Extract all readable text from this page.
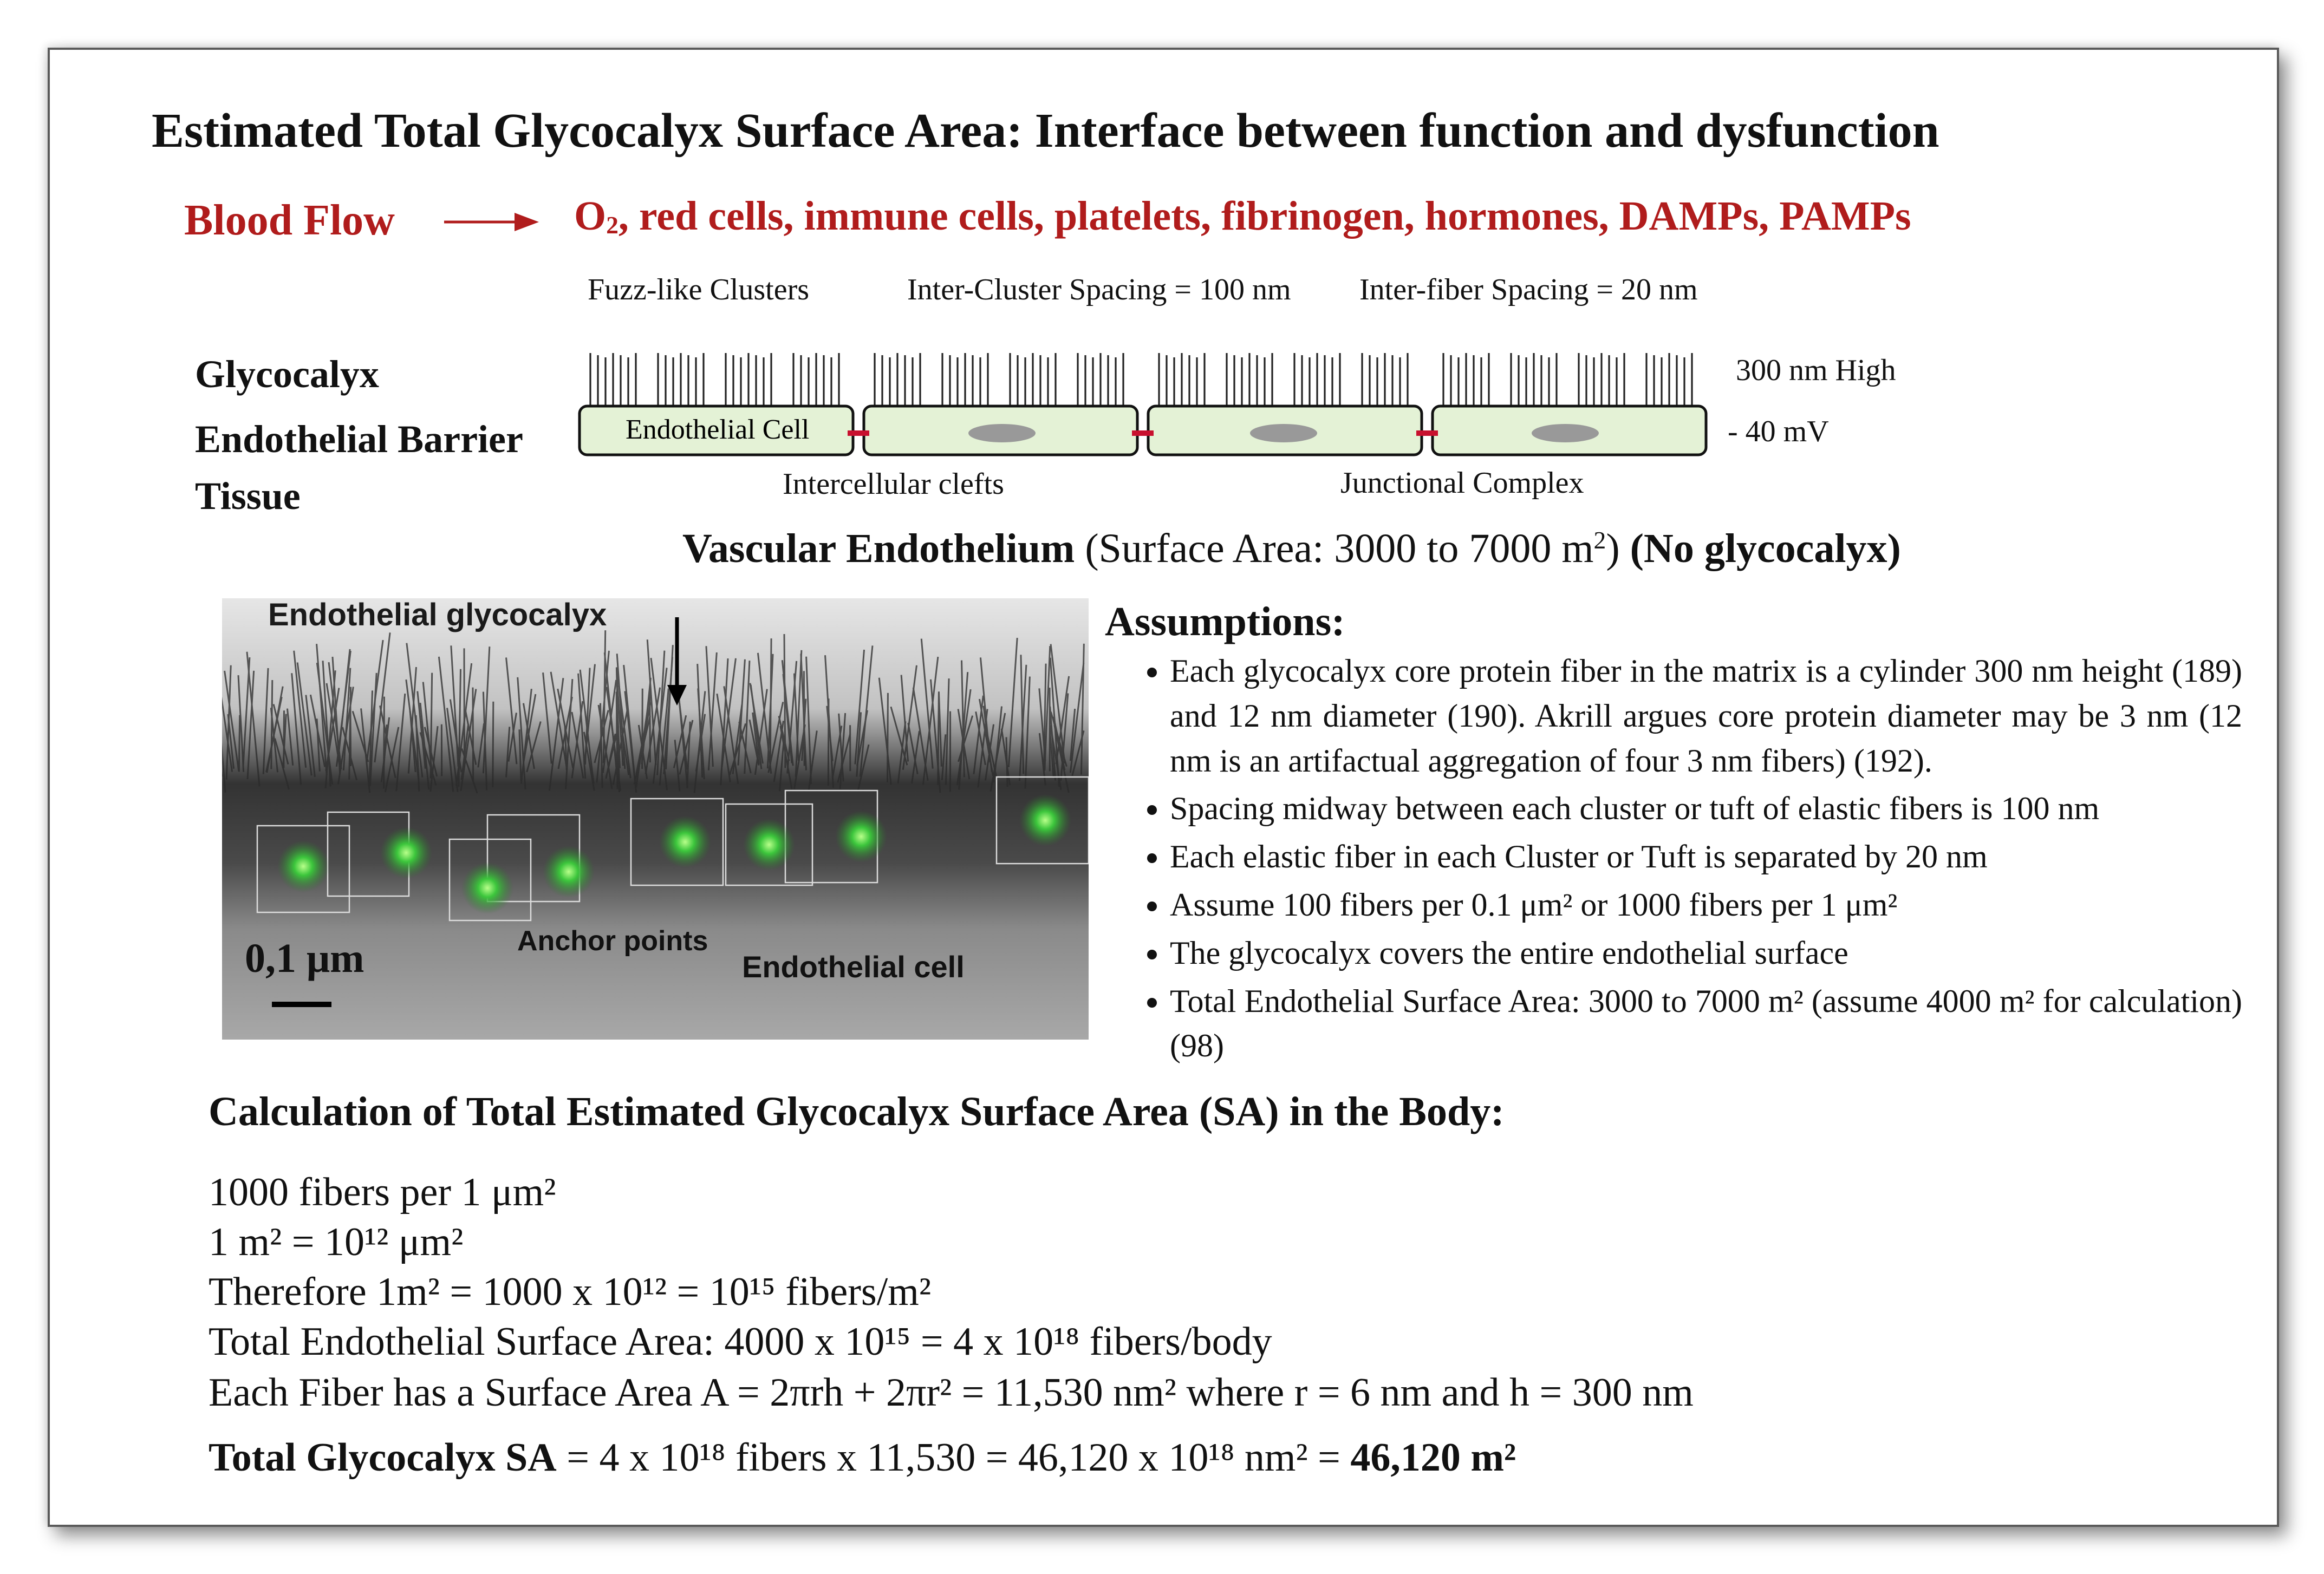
Estimated Total Glycocalyx Surface Area: Interface between function and dysfunction
Blood Flow	$O_2$, red cells, immune cells, platelets, fibrinogen, hormones, DAMPs, PAMPs
Fuzz-like Clusters	Inter-Cluster Spacing = 100 nm Inter-fiber Spacing = 20 nm
Glycocalyx
Endothelial Barrier
Tissue
Endothelial Cell
300 nm High
- 40 mV
Intercellular clefts	Junctional Complex
Vascular Endothelium (Surface Area: 3000 to 7000 $m^2$) (No glycocalyx)
Endothelial glycocalyx
Anchor points
Endothelial cell
0,1 μm
Assumptions:
• Each glycocalyx core protein fiber in the matrix is a cylinder 300 nm height (189) and 12 nm diameter (190). Akrill argues core protein diameter may be 3 nm (12 nm is an artifactual aggregation of four 3 nm fibers) (192).
• Spacing midway between each cluster or tuft of elastic fibers is 100 nm
• Each elastic fiber in each Cluster or Tuft is separated by 20 nm
• Assume 100 fibers per 0.1 μm² or 1000 fibers per 1 μm²
• The glycocalyx covers the entire endothelial surface
• Total Endothelial Surface Area: 3000 to 7000 m² (assume 4000 m² for calculation) (98)
Calculation of Total Estimated Glycocalyx Surface Area (SA) in the Body:
1000 fibers per 1 μm²
1 m² = 10¹² μm²
Therefore 1m² = 1000 x 10¹² = 10¹⁵ fibers/m²
Total Endothelial Surface Area: 4000 x 10¹⁵ = 4 x 10¹⁸ fibers/body
Each Fiber has a Surface Area A = 2πrh + 2πr² = 11,530 nm² where r = 6 nm and h = 300 nm
Total Glycocalyx SA = 4 x 10¹⁸ fibers x 11,530 = 46,120 x 10¹⁸ nm² = 46,120 m²
